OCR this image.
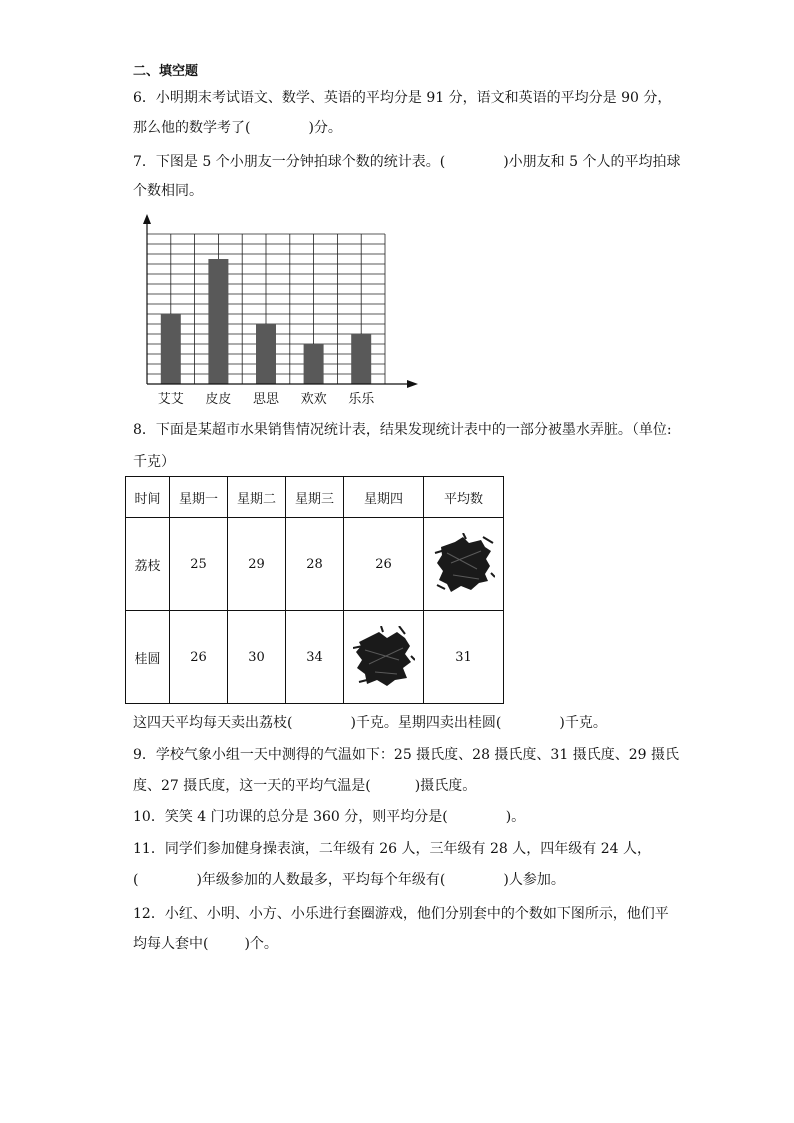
二、填空题
6．小明期末考试语文、数学、英语的平均分是 91 分，语文和英语的平均分是 90 分，
那么他的数学考了(	)分。
7．下图是 5 个小朋友一分钟拍球个数的统计表。(	)小朋友和 5 个人的平均拍球
个数相同。
艾艾 皮皮 思思 欢欢 乐乐
8．下面是某超市水果销售情况统计表，结果发现统计表中的一部分被墨水弄脏。（单位:
千克）
时间	星期一	星期二	星期三	星期四	平均数
荔枝	25	29	28	26	

桂圆	26	30	34		31
这四天平均每天卖出荔枝(	)千克。星期四卖出桂圆(	)千克。
9．学校气象小组一天中测得的气温如下：25 摄氏度、28 摄氏度、31 摄氏度、29 摄氏
度、27 摄氏度，这一天的平均气温是(	)摄氏度。
10．笑笑 4 门功课的总分是 360 分，则平均分是(	)。
11．同学们参加健身操表演，二年级有 26 人，三年级有 28 人，四年级有 24 人，
(	)年级参加的人数最多，平均每个年级有(	)人参加。
12．小红、小明、小方、小乐进行套圈游戏，他们分别套中的个数如下图所示，他们平
均每人套中(	)个。
